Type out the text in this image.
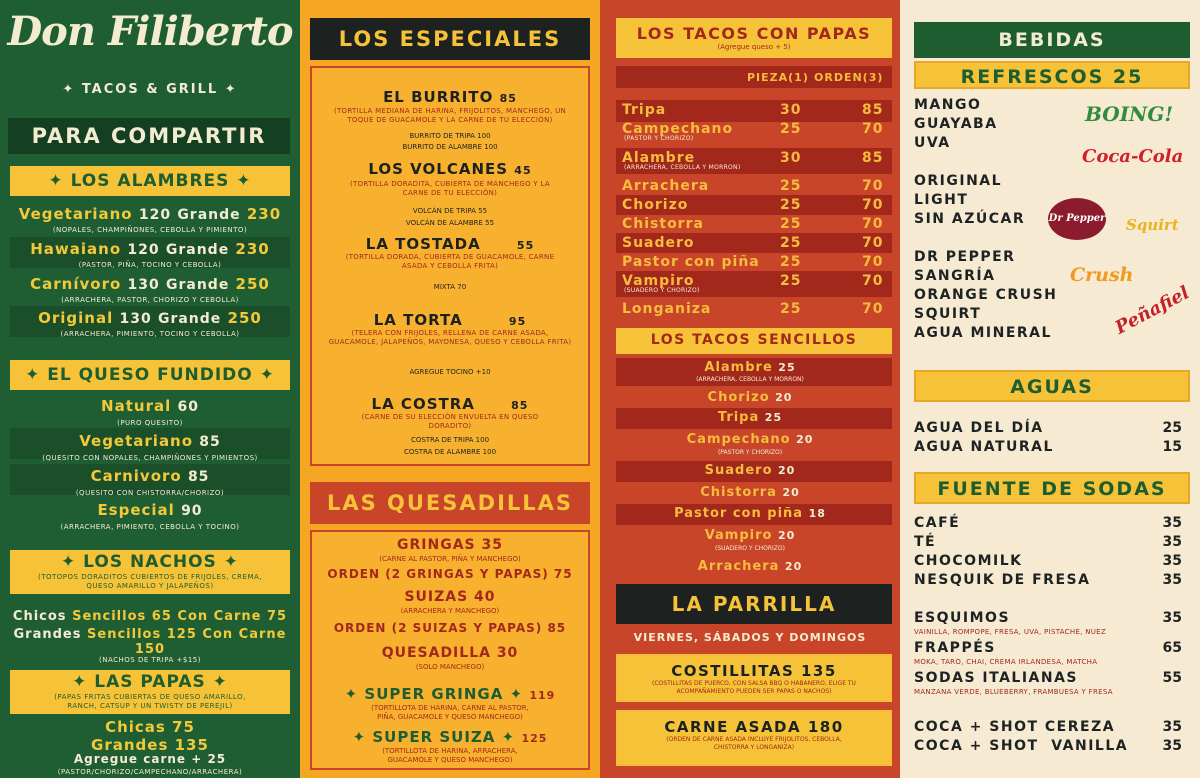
Don Filiberto
✦ TACOS & GRILL ✦
PARA COMPARTIR
✦ LOS ALAMBRES ✦
Vegetariano 120 Grande 230
(NOPALES, CHAMPIÑONES, CEBOLLA Y PIMIENTO)
Hawaiano 120 Grande 230
(PASTOR, PIÑA, TOCINO Y CEBOLLA)
Carnívoro 130 Grande 250
(ARRACHERA, PASTOR, CHORIZO Y CEBOLLA)
Original 130 Grande 250
(ARRACHERA, PIMIENTO, TOCINO Y CEBOLLA)
✦ EL QUESO FUNDIDO ✦
Natural 60
(PURO QUESITO)
Vegetariano 85
(QUESITO CON NOPALES, CHAMPIÑONES Y PIMIENTOS)
Carnivoro 85
(QUESITO CON CHISTORRA/CHORIZO)
Especial 90
(ARRACHERA, PIMIENTO, CEBOLLA Y TOCINO)
✦ LOS NACHOS ✦
(TOTOPOS DORADITOS CUBIERTOS DE FRIJOLES, CREMA, QUESO AMARILLO Y JALAPEÑOS)
Chicos Sencillos 65 Con Carne 75
Grandes Sencillos 125 Con Carne 150
(NACHOS DE TRIPA +$15)
✦ LAS PAPAS ✦
(PAPAS FRITAS CUBIERTAS DE QUESO AMARILLO, RANCH, CATSUP Y UN TWISTY DE PEREJIL)
Chicas 75
Grandes 135
Agregue carne + 25
(PASTOR/CHORIZO/CAMPECHANO/ARRACHERA)
LOS ESPECIALES
EL BURRITO 85
(TORTILLA MEDIANA DE HARINA, FRIJOLITOS, MANCHEGO, UN TOQUE DE GUACAMOLE Y LA CARNE DE TU ELECCIÓN)
BURRITO DE TRIPA 100
BURRITO DE ALAMBRE 100
LOS VOLCANES 45
(TORTILLA DORADITA, CUBIERTA DE MANCHEGO Y LA CARNE DE TU ELECCIÓN)
VOLCÁN DE TRIPA 55
VOLCÁN DE ALAMBRE 55
LA TOSTADA	55
(TORTILLA DORADA, CUBIERTA DE GUACAMOLE, CARNE ASADA Y CEBOLLA FRITA)
MIXTA 70
LA TORTA	95
(TELERA CON FRIJOLES, RELLENA DE CARNE ASADA, GUACAMOLE, JALAPEÑOS, MAYONESA, QUESO Y CEBOLLA FRITA)
AGREGUE TOCINO +10
LA COSTRA	85
(CARNE DE SU ELECCIÓN ENVUELTA EN QUESO DORADITO)
COSTRA DE TRIPA 100
COSTRA DE ALAMBRE 100
LAS QUESADILLAS
GRINGAS 35
(CARNE AL PASTOR, PIÑA Y MANCHEGO)
ORDEN (2 GRINGAS Y PAPAS) 75
SUIZAS 40
(ARRACHERA Y MANCHEGO)
ORDEN (2 SUIZAS Y PAPAS) 85
QUESADILLA 30
(SOLO MANCHEGO)
✦ SUPER GRINGA ✦ 119
(TORTILLOTA DE HARINA, CARNE AL PASTOR, PIÑA, GUACAMOLE Y QUESO MANCHEGO)
✦ SUPER SUIZA ✦ 125
(TORTILLOTA DE HARINA, ARRACHERA, GUACAMOLE Y QUESO MANCHEGO)
LOS TACOS CON PAPAS
(Agregue queso + 5)
PIEZA(1) ORDEN(3)
Tripa	30	85
Campechano	25	70
(PASTOR Y CHORIZO)
Alambre	30	85
(ARRACHERA, CEBOLLA Y MORRON)
Arrachera	25	70
Chorizo	25	70
Chistorra	25	70
Suadero	25	70
Pastor con piña 25	70
Vampiro	25	70
(SUADERO Y CHORIZO)
Longaniza	25	70
LOS TACOS SENCILLOS
Alambre 25
(ARRACHERA, CEBOLLA Y MORRON)
Chorizo 20
Tripa 25
Campechano 20
(PASTOR Y CHORIZO)
Suadero 20
Chistorra 20
Pastor con piña 18
Vampiro 20
(SUADERO Y CHORIZO)
Arrachera 20
LA PARRILLA
VIERNES, SÁBADOS Y DOMINGOS
COSTILLITAS 135
(COSTILLITAS DE PUERCO, CON SALSA BBQ O HABANERO, ELIGE TU ACOMPAÑAMIENTO PUEDEN SER PAPAS O NACHOS)
CARNE ASADA 180
(ORDEN DE CARNE ASADA INCLUYE FRIJOLITOS, CEBOLLA, CHISTORRA Y LONGANIZA)
BEBIDAS
REFRESCOS 25
MANGO
GUAYABA
UVA
ORIGINAL
LIGHT
SIN AZÚCAR
DR PEPPER
SANGRÍA
ORANGE CRUSH
SQUIRT
AGUA MINERAL
BOING!
Coca-Cola
Dr Pepper Squirt
Crush
Peñafiel
AGUAS
AGUA DEL DÍA	25
AGUA NATURAL	15
FUENTE DE SODAS
CAFÉ	35
TÉ	35
CHOCOMILK	35
NESQUIK DE FRESA	35
ESQUIMOS	35
VAINILLA, ROMPOPE, FRESA, UVA, PISTACHE, NUEZ
FRAPPÉS	65
MOKA, TARO, CHAI, CREMA IRLANDESA, MATCHA
SODAS ITALIANAS	55
MANZANA VERDE, BLUEBERRY, FRAMBUESA Y FRESA
COCA + SHOT CEREZA	35
COCA + SHOT  VANILLA 35
